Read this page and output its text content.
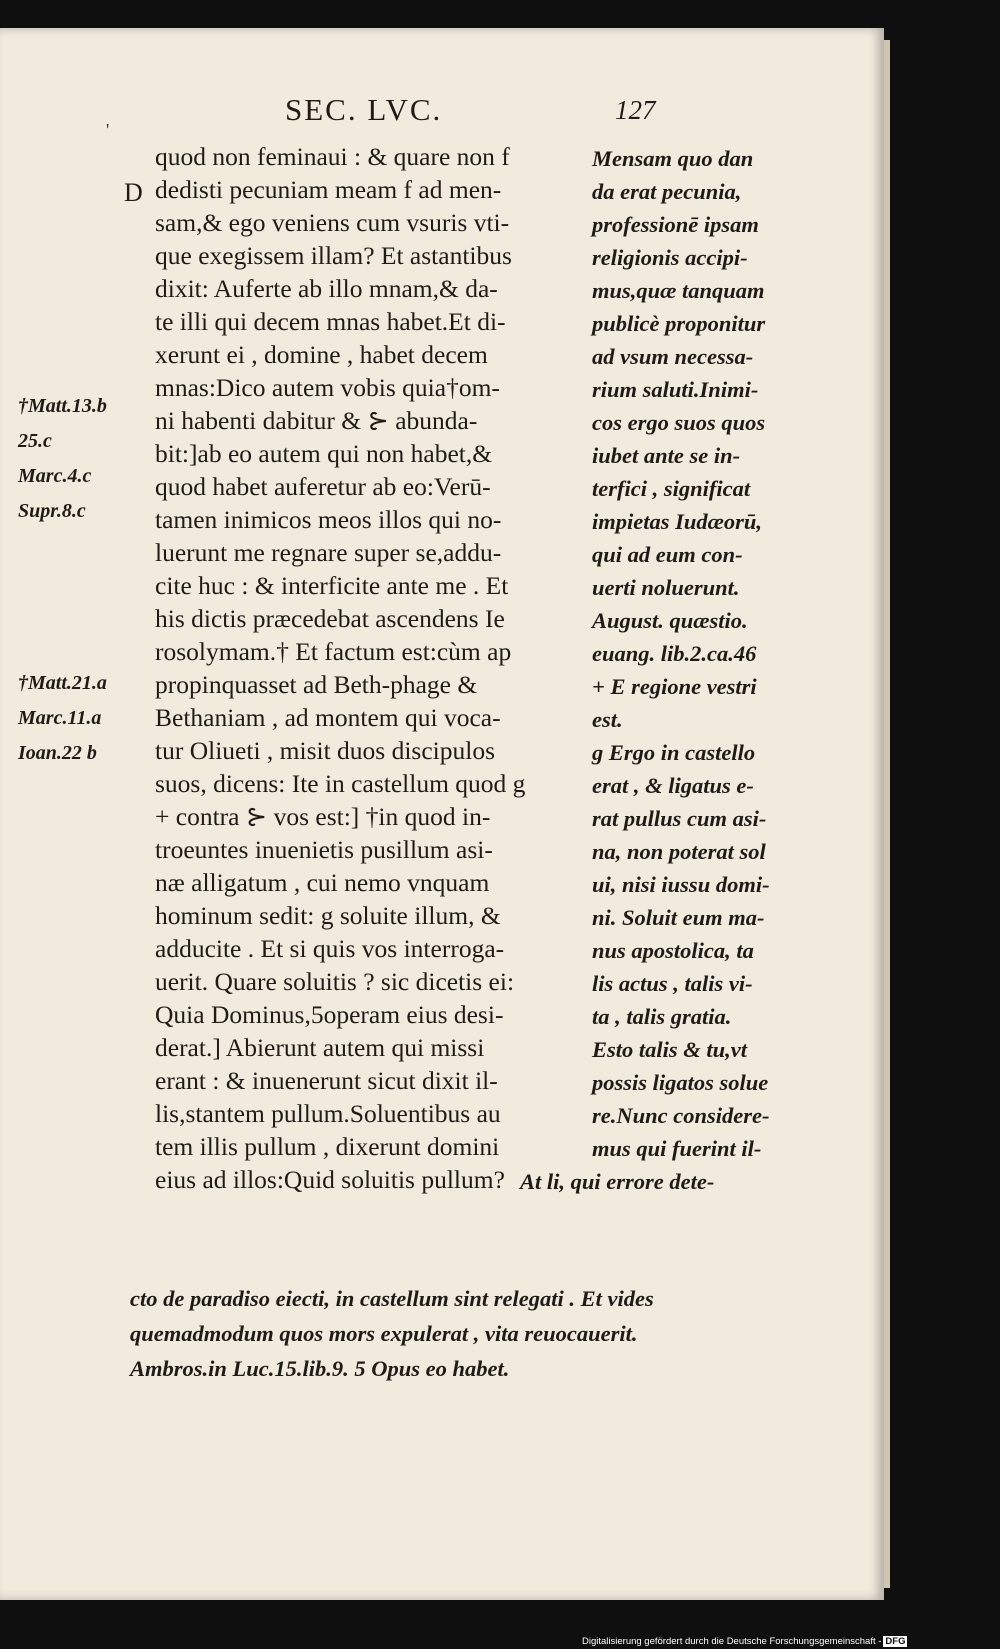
'
SEC. LVC.	127
D
quod non feminaui : & quare non f
dedisti pecuniam meam f ad men-
sam,& ego veniens cum vsuris vti-
que exegissem illam? Et astantibus
dixit: Auferte ab illo mnam,& da-
te illi qui decem mnas habet.Et di-
xerunt ei , domine , habet decem
mnas:Dico autem vobis quia†om-
ni habenti dabitur & ⊱ abunda-
bit:]ab eo autem qui non habet,&
quod habet auferetur ab eo:Verū-
tamen inimicos meos illos qui no-
luerunt me regnare super se,addu-
cite huc : & interficite ante me . Et
his dictis præcedebat ascendens Ie
rosolymam.† Et factum est:cùm ap
propinquasset ad Beth-phage &
Bethaniam , ad montem qui voca-
tur Oliueti , misit duos discipulos
suos, dicens: Ite in castellum quod g
+ contra ⊱ vos est:] †in quod in-
troeuntes inuenietis pusillum asi-
næ alligatum , cui nemo vnquam
hominum sedit: g soluite illum, &
adducite . Et si quis vos interroga-
uerit. Quare soluitis ? sic dicetis ei:
Quia Dominus,5operam eius desi-
derat.] Abierunt autem qui missi
erant : & inuenerunt sicut dixit il-
lis,stantem pullum.Soluentibus au
tem illis pullum , dixerunt domini
eius ad illos:Quid soluitis pullum?
Mensam quo dan
da erat pecunia,
professionē ipsam
religionis accipi-
mus,quæ tanquam
publicè proponitur
ad vsum necessa-
rium saluti.Inimi-
cos ergo suos quos
iubet ante se in-
terfici , significat
impietas Iudæorū,
qui ad eum con-
uerti noluerunt.
August. quæstio.
euang. lib.2.ca.46
+ E regione vestri
est.
g Ergo in castello
erat , & ligatus e-
rat pullus cum asi-
na, non poterat sol
ui, nisi iussu domi-
ni. Soluit eum ma-
nus apostolica, ta
lis actus , talis vi-
ta , talis gratia.
Esto talis & tu,vt
possis ligatos solue
re.Nunc considere-
mus qui fuerint il-
At li, qui errore dete-
†Matt.13.b
25.c
Marc.4.c
Supr.8.c
†Matt.21.a
Marc.11.a
Ioan.22 b
cto de paradiso eiecti, in castellum sint relegati . Et vides
quemadmodum quos mors expulerat , vita reuocauerit.
Ambros.in Luc.15.lib.9. 5 Opus eo habet.
Digitalisierung gefördert durch die Deutsche Forschungsgemeinschaft - DFG
